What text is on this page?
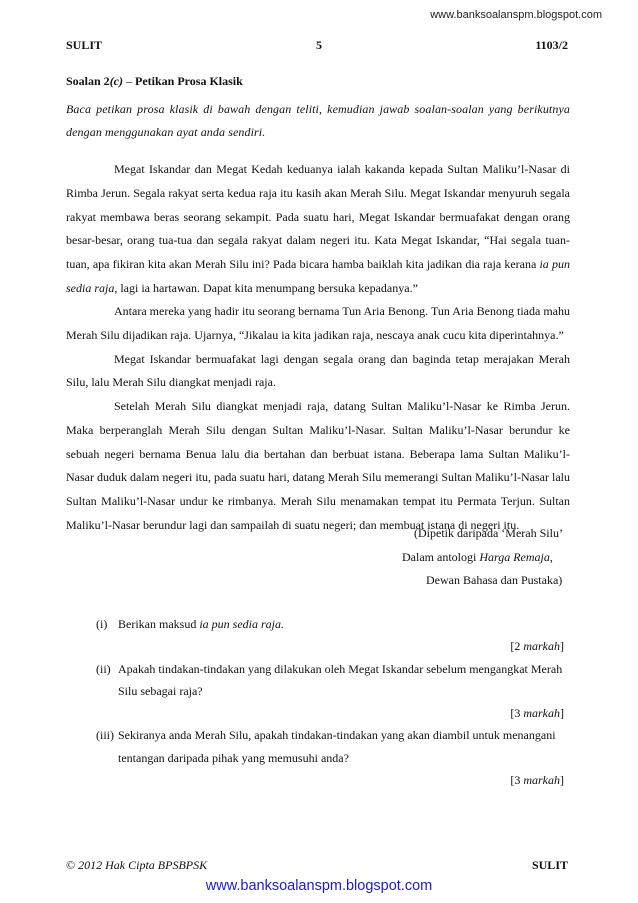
www.banksoalanspm.blogspot.com
SULIT	5	1103/2
Soalan 2(c) – Petikan Prosa Klasik
Baca petikan prosa klasik di bawah dengan teliti, kemudian jawab soalan-soalan yang berikutnya dengan menggunakan ayat anda sendiri.

Megat Iskandar dan Megat Kedah keduanya ialah kakanda kepada Sultan Maliku’l-Nasar di Rimba Jerun. Segala rakyat serta kedua raja itu kasih akan Merah Silu. Megat Iskandar menyuruh segala rakyat membawa beras seorang sekampit. Pada suatu hari, Megat Iskandar bermuafakat dengan orang besar-besar, orang tua-tua dan segala rakyat dalam negeri itu. Kata Megat Iskandar, “Hai segala tuan-tuan, apa fikiran kita akan Merah Silu ini? Pada bicara hamba baiklah kita jadikan dia raja kerana ia pun sedia raja, lagi ia hartawan. Dapat kita menumpang bersuka kepadanya.”

Antara mereka yang hadir itu seorang bernama Tun Aria Benong. Tun Aria Benong tiada mahu Merah Silu dijadikan raja. Ujarnya, “Jikalau ia kita jadikan raja, nescaya anak cucu kita diperintahnya.”

Megat Iskandar bermuafakat lagi dengan segala orang dan baginda tetap merajakan Merah Silu, lalu Merah Silu diangkat menjadi raja.

Setelah Merah Silu diangkat menjadi raja, datang Sultan Maliku’l-Nasar ke Rimba Jerun. Maka berperanglah Merah Silu dengan Sultan Maliku’l-Nasar. Sultan Maliku’l-Nasar berundur ke sebuah negeri bernama Benua lalu dia bertahan dan berbuat istana. Beberapa lama Sultan Maliku’l-Nasar duduk dalam negeri itu, pada suatu hari, datang Merah Silu memerangi Sultan Maliku’l-Nasar lalu Sultan Maliku’l-Nasar undur ke rimbanya. Merah Silu menamakan tempat itu Permata Terjun. Sultan Maliku’l-Nasar berundur lagi dan sampailah di suatu negeri; dan membuat istana di negeri itu.

(Dipetik daripada ‘Merah Silu’
Dalam antologi Harga Remaja,
Dewan Bahasa dan Pustaka)
(i) Berikan maksud ia pun sedia raja.
[2 markah]
(ii) Apakah tindakan-tindakan yang dilakukan oleh Megat Iskandar sebelum mengangkat Merah Silu sebagai raja?
[3 markah]
(iii) Sekiranya anda Merah Silu, apakah tindakan-tindakan yang akan diambil untuk menangani tentangan daripada pihak yang memusuhi anda?
[3 markah]
© 2012 Hak Cipta BPSBPSK	SULIT
www.banksoalanspm.blogspot.com
